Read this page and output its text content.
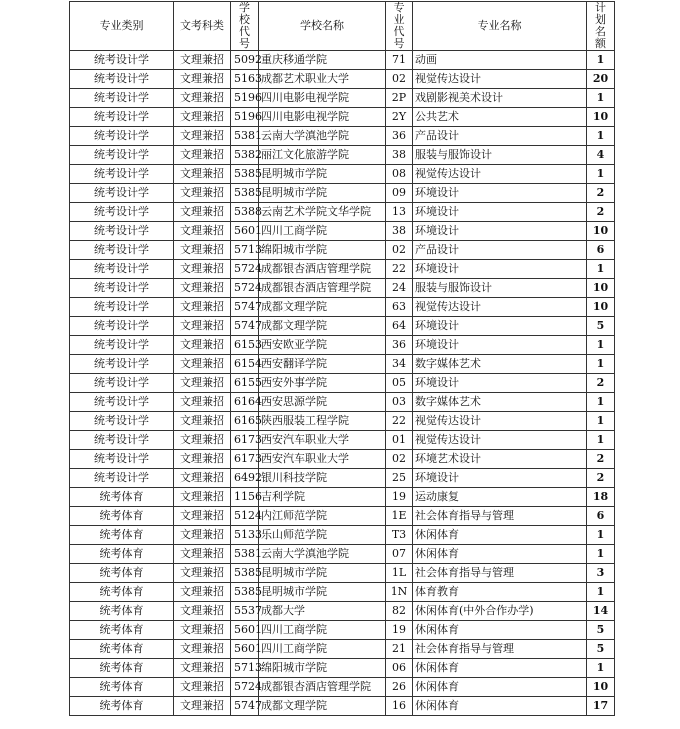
专业类别	文考科类	学校代号	学校名称	专业代号	专业名称	计划名额
统考设计学	文理兼招	5092	重庆移通学院	71	动画	1
统考设计学	文理兼招	5163	成都艺术职业大学	02	视觉传达设计	20
统考设计学	文理兼招	5196	四川电影电视学院	2P	戏剧影视美术设计	1
统考设计学	文理兼招	5196	四川电影电视学院	2Y	公共艺术	10
统考设计学	文理兼招	5381	云南大学滇池学院	36	产品设计	1
统考设计学	文理兼招	5382	丽江文化旅游学院	38	服装与服饰设计	4
统考设计学	文理兼招	5385	昆明城市学院	08	视觉传达设计	1
统考设计学	文理兼招	5385	昆明城市学院	09	环境设计	2
统考设计学	文理兼招	5388	云南艺术学院文华学院	13	环境设计	2
统考设计学	文理兼招	5601	四川工商学院	38	环境设计	10
统考设计学	文理兼招	5713	绵阳城市学院	02	产品设计	6
统考设计学	文理兼招	5724	成都银杏酒店管理学院	22	环境设计	1
统考设计学	文理兼招	5724	成都银杏酒店管理学院	24	服装与服饰设计	10
统考设计学	文理兼招	5747	成都文理学院	63	视觉传达设计	10
统考设计学	文理兼招	5747	成都文理学院	64	环境设计	5
统考设计学	文理兼招	6153	西安欧亚学院	36	环境设计	1
统考设计学	文理兼招	6154	西安翻译学院	34	数字媒体艺术	1
统考设计学	文理兼招	6155	西安外事学院	05	环境设计	2
统考设计学	文理兼招	6164	西安思源学院	03	数字媒体艺术	1
统考设计学	文理兼招	6165	陕西服装工程学院	22	视觉传达设计	1
统考设计学	文理兼招	6173	西安汽车职业大学	01	视觉传达设计	1
统考设计学	文理兼招	6173	西安汽车职业大学	02	环境艺术设计	2
统考设计学	文理兼招	6492	银川科技学院	25	环境设计	2
统考体育	文理兼招	1156	吉利学院	19	运动康复	18
统考体育	文理兼招	5124	内江师范学院	1E	社会体育指导与管理	6
统考体育	文理兼招	5133	乐山师范学院	T3	休闲体育	1
统考体育	文理兼招	5381	云南大学滇池学院	07	休闲体育	1
统考体育	文理兼招	5385	昆明城市学院	1L	社会体育指导与管理	3
统考体育	文理兼招	5385	昆明城市学院	1N	体育教育	1
统考体育	文理兼招	5537	成都大学	82	休闲体育(中外合作办学)	14
统考体育	文理兼招	5601	四川工商学院	19	休闲体育	5
统考体育	文理兼招	5601	四川工商学院	21	社会体育指导与管理	5
统考体育	文理兼招	5713	绵阳城市学院	06	休闲体育	1
统考体育	文理兼招	5724	成都银杏酒店管理学院	26	休闲体育	10
统考体育	文理兼招	5747	成都文理学院	16	休闲体育	17
